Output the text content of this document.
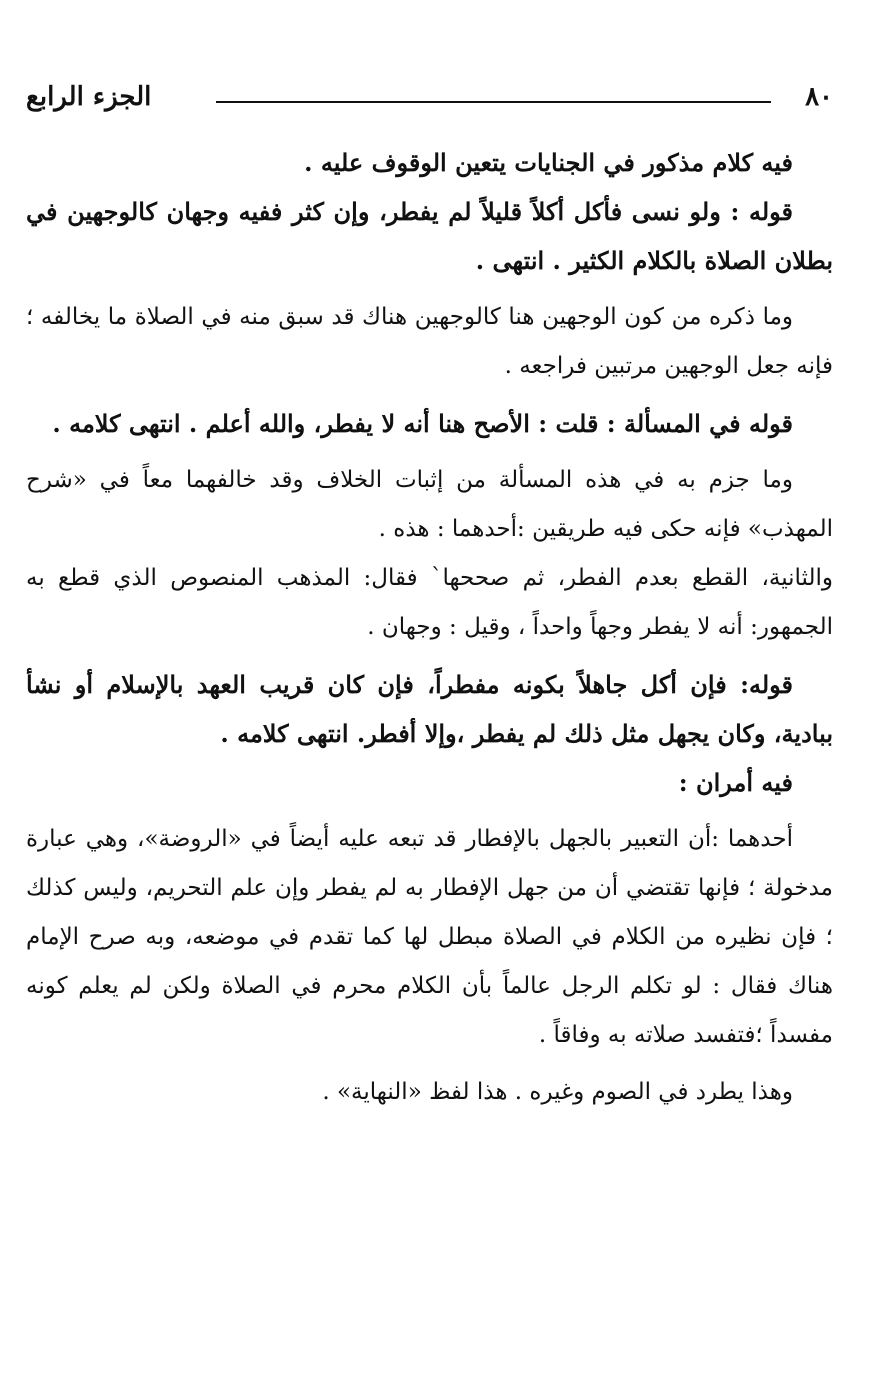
٨٠
الجزء الرابع

فيه كلام مذكور في الجنايات يتعين الوقوف عليه .

قوله : ولو نسى فأكل أكلاً قليلاً لم يفطر، وإن كثر ففيه وجهان كالوجهين في بطلان الصلاة بالكلام الكثير . انتهى .

وما ذكره من كون الوجهين هنا كالوجهين هناك قد سبق منه في الصلاة ما يخالفه ؛ فإنه جعل الوجهين مرتبين فراجعه .

قوله في المسألة : قلت : الأصح هنا أنه لا يفطر، والله أعلم . انتهى كلامه .

وما جزم به في هذه المسألة من إثبات الخلاف وقد خالفهما معاً في «شرح المهذب» فإنه حكى فيه طريقين :أحدهما : هذه .

والثانية، القطع بعدم الفطر، ثم صححها` فقال: المذهب المنصوص الذي قطع به الجمهور: أنه لا يفطر وجهاً واحداً ، وقيل : وجهان .

قوله: فإن أكل جاهلاً بكونه مفطراً، فإن كان قريب العهد بالإسلام أو نشأ ببادية، وكان يجهل مثل ذلك لم يفطر ،وإلا أفطر. انتهى كلامه .

فيه أمران :

أحدهما :أن التعبير بالجهل بالإفطار قد تبعه عليه أيضاً في «الروضة»، وهي عبارة مدخولة ؛ فإنها تقتضي أن من جهل الإفطار به لم يفطر وإن علم التحريم، وليس كذلك ؛ فإن نظيره من الكلام في الصلاة مبطل لها كما تقدم في موضعه، وبه صرح الإمام هناك فقال : لو تكلم الرجل عالماً بأن الكلام محرم في الصلاة ولكن لم يعلم كونه مفسداً ؛فتفسد صلاته به وفاقاً .

وهذا يطرد في الصوم وغيره . هذا لفظ «النهاية» .
